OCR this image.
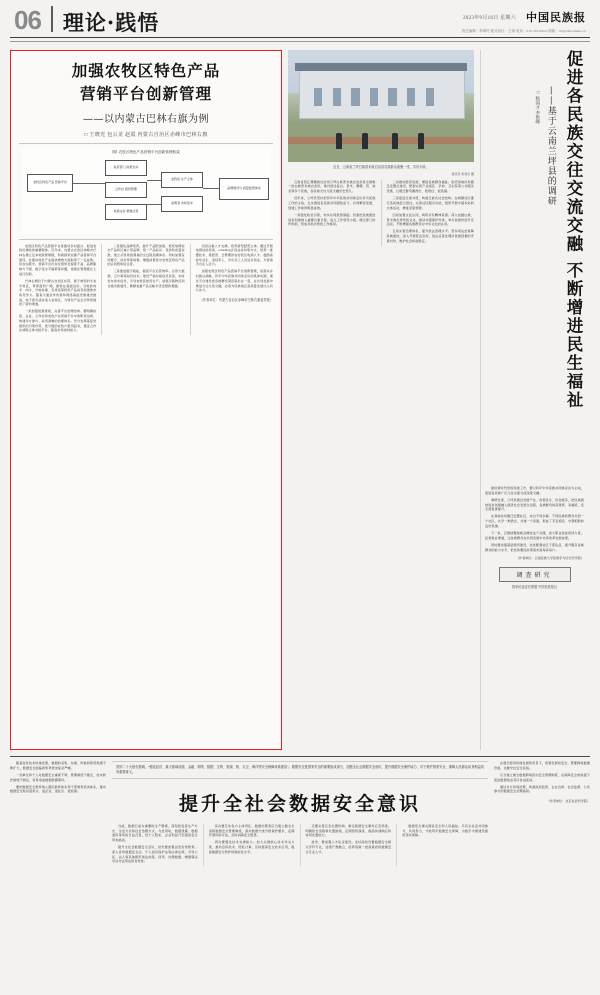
06 理论·践悟	2023年9月16日 星期六 中国民族报
责任编辑：李翠玲 版式设计：王琪 电话：010-58130810 邮箱：llb@chinatimes.cn
加强农牧区特色产品
营销平台创新管理
——以内蒙古巴林右旗为例
□ 王晓光 包云龙 赵霞 内蒙古自治区赤峰市巴林右旗
图1 农牧区特色产品营销平台创新管理框架
农牧区特色产品 营销平台
政府部门 政策支持
合作社 组织管理
电商企业 渠道运营
农牧民 生产主体
消费者 市场需求
品牌建设与 质量监管体系

农牧区特色产品营销平台是推动乡村振兴、促进农牧民增收的重要载体。近年来，内蒙古自治区赤峰市巴林右旗立足本地资源禀赋，积极探索农畜产品营销平台建设，在推动特色产业提质增效方面取得了一定成效。但在实践中，营销平台仍存在组织化程度不高、品牌影响力不强、数字化水平偏低等问题，亟须在管理模式上进行创新。

巴林右旗位于内蒙古自治区东部，属于典型的半农半牧区，草原面积广阔，畜牧业基础良好。当地的肉羊、肉牛、沙地衬棉、笤帚苗等特色产品具有较强的市场竞争力。随着交通条件改善和网络基础设施建设推进，电子商务逐步进入农牧区，为特色产品走出草原提供了新的渠道。

一是加强统筹规划，完善平台治理结构。要明确政府、企业、合作社和农牧户在营销平台中的职责边界，构建多方参与、权责清晰的治理体系。充分发挥基层党组织的引领作用，把分散的农牧户组织起来，通过合作社或联合体对接平台，提高市场谈判能力。

二是强化品牌培育，提升产品附加值。依托地理标志产品和区域公用品牌，统一产品标识、包装和质量标准，建立从牧场到餐桌的全过程追溯体系。同时加强宣传推介，讲好草原故事，增强消费者对农牧区特色产品的认同感和信任度。

三是推进数字赋能，提高平台运营效率。运用大数据、云计算等信息技术，建设产销对接信息系统，实时发布供求信息，引导农牧民按需生产。加强冷链物流和仓储设施建设，破解农畜产品运输半径受限的难题。

四是注重人才支撑，培育新型经营主体。通过开展电商技能培训、returning乡创业扶持等方式，培养一批懂技术、善经营、会管理的农村牧区电商人才。鼓励高校毕业生、退役军人、外出务工人员返乡创业，为营销平台注入活力。

加强农牧区特色产品营销平台创新管理，是落实乡村振兴战略、铸牢中华民族共同体意识的具体实践。通过平台建设把各族群众紧密联系在一起，在共同发展中增进交往交流交融，必将为民族地区高质量发展注入持久动力。

（作者单位：内蒙古自治区赤峰市巴林右旗委党校）
近日，云南省兰坪白族普米族自治县各族群众欢聚一堂，共庆丰收。
通讯员 和建忠 摄

云南省怒江傈僳族自治州兰坪白族普米族自治县是全国唯一的白族普米族自治县，境内居住着白、普米、傈僳、怒、独龙等多个民族，各民族交往交流交融历史悠久。

近年来，兰坪县坚持把铸牢中华民族共同体意识作为民族工作的主线，扎实推进各民族共同团结奋斗、共同繁荣发展，创建工作取得明显成效。

一是强化政治引领，夯实共同思想基础。县委把民族团结进步创建纳入重要议事日程，成立工作领导小组，健全部门协作机制，形成齐抓共管的工作格局。

二是推动经济发展，增进各族群众福祉。依托易地扶贫搬迁安置点建设，配套完善产业园区、学校、卫生院等公共服务设施，让搬迁群众搬得出、稳得住、能致富。

三是促进互嵌共居，构建互嵌式社会结构。在城镇社区推行各民族混合居住，完善社区服务功能，组织开展丰富多彩的文体活动，增进邻里感情。

四是加强文化认同，构筑共有精神家园。深入挖掘白族、普米族优秀传统文化，推动非遗保护传承，举办民族传统节庆活动，不断增强各族群众对中华文化的认同。

五是完善治理体系，提升依法治理水平。坚持用法治保障民族团结，深入开展普法宣传，依法妥善处理涉民族因素的矛盾纠纷，维护社会和谐稳定。

□ 杨国才 李艳峰 ——基于云南兰坪县的调研 促进各民族交往交流交融 不断增进民生福祉

做好新时代党的民族工作，要以铸牢中华民族共同体意识为主线，促进各民族广泛交往全面交流深度交融。

调研发现，兰坪县通过发展产业、改善民生、优化服务，把民族团结进步创建融入经济社会发展全过程，各族群众的获得感、幸福感、安全感显著提升。

在易地扶贫搬迁安置社区，来自不同乡镇、不同民族的群众共居一个社区，共学一种语言，共建一个家园，形成了手足相亲、守望相助的良好氛围。

下一步，应继续聚焦就业增收这个关键，加大职业技能培训力度，拓宽就业渠道，让各族群众在共同发展中共享改革发展成果。

同时要加强基层组织建设，选优配强社区干部队伍，提升服务各族群众的能力水平，把党的惠民政策落实到每家每户。

（作者单位：云南民族大学民族学与历史学学院）
调查研究
国家民委委托课题 中国民族报社

随着信息技术快速发展，数据的采集、存储、传输和使用规模不断扩大，数据安全面临的形势更加复杂严峻。

一些单位和个人对数据安全重视不够，管理制度不健全，技术防护措施不到位，容易造成数据泄露事件。

要把数据安全教育纳入国民教育体系和干部教育培训体系，推动数据安全知识进机关、进企业、进社区、进校园。

党的二十大报告强调，"强化经济、重大基础设施、金融、网络、数据、生物、资源、核、太空、海洋等安全保障体系建设"。数据安全是国家安全的重要组成部分，加强全社会数据安全意识，提升数据安全保护能力，对于维护国家安全、保障人民群众切身利益具有重要意义。
提升全社会数据安全意识

当前，数据已成为重要的生产要素，深刻改变着生产方式、生活方式和社会治理方式。与此同时，数据泄露、数据滥用等风险日益凸显，给个人隐私、企业利益乃至国家安全带来挑战。

提升全社会数据安全意识，首先要加强法治宣传教育。深入宣传数据安全法、个人信息保护法等法律法规，引导公民、法人和其他组织依法收集、使用、处理数据，增强尊法学法守法用法的自觉性。

其次要压实各方主体责任。数据处理者应当建立健全全流程数据安全管理制度，落实数据分类分级保护要求，定期开展风险评估，及时消除安全隐患。

再次要强化技术支撑能力。加大关键核心技术攻关力度，推动密码技术、隐私计算、区块链等安全技术应用，提高数据安全防护的智能化水平。

还要完善应急处置机制。制定数据安全事件应急预案，明确报告流程和处置措施，定期组织演练，提高快速响应和协同处置能力。

此外，要加强人才队伍建设。支持高校设置数据安全相关学科专业，加强产教融合，培养造就一批高素质的数据安全专业人才。

数据安全事关国家安全和人民福祉。只有全社会共同参与、共同努力，才能筑牢数据安全屏障，为数字中国建设提供坚实保障。

在数字经济快速发展的背景下，统筹发展和安全，既要释放数据价值，也要守住安全底线。

应当建立健全数据跨境流动安全管理制度，在保障安全的前提下促进数据依法有序自由流动。

通过多方协同治理，构建政府监管、企业自律、社会监督、公众参与的数据安全治理格局。

（作者单位：北京社会科学院）
